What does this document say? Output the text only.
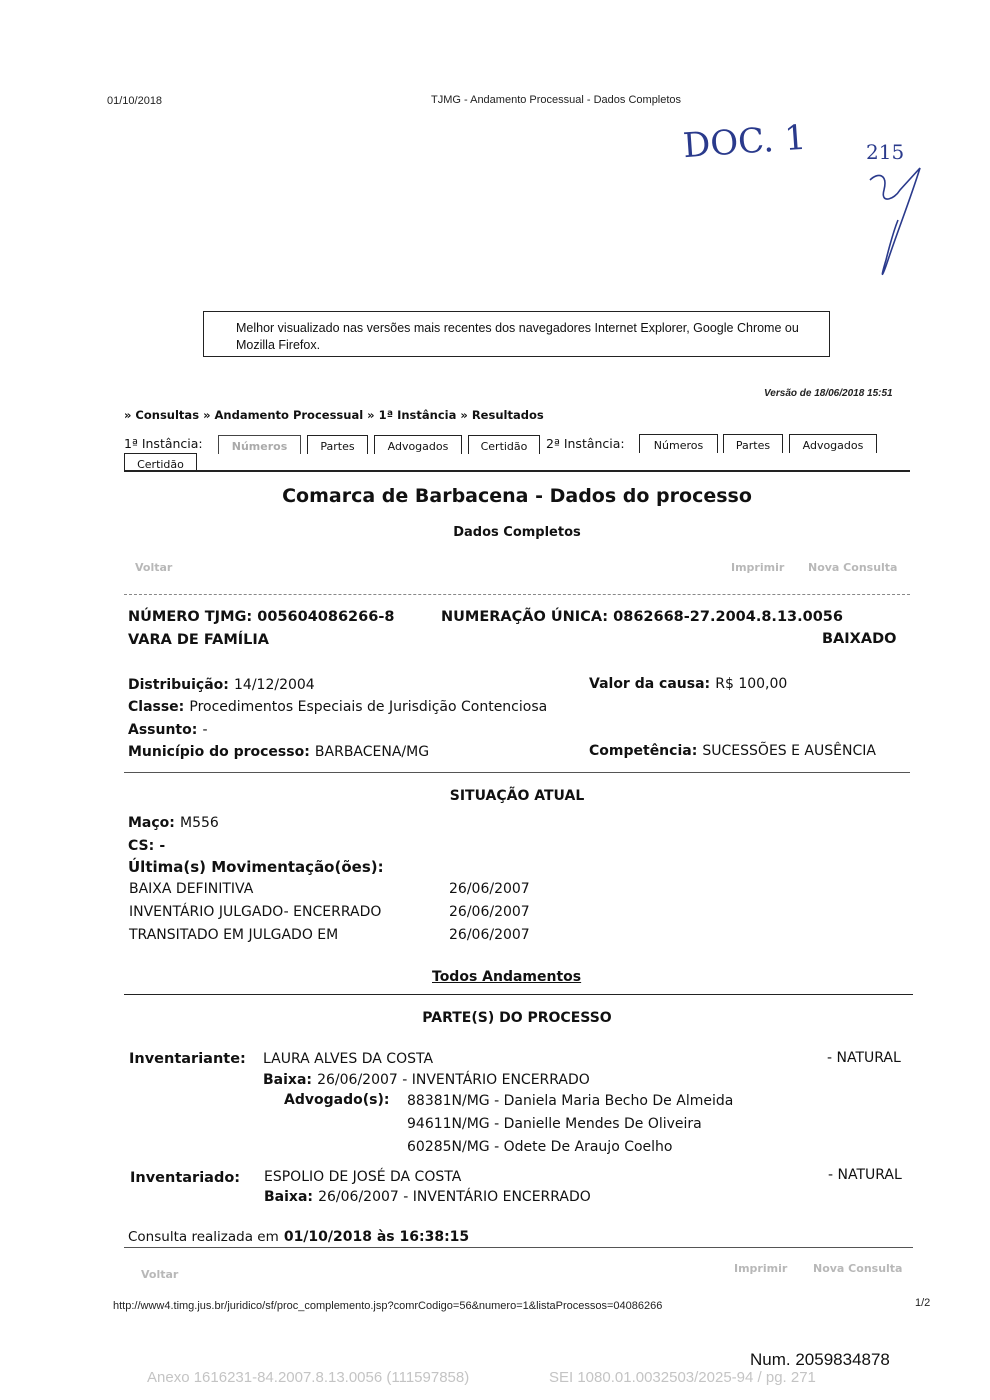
01/10/2018	TJMG - Andamento Processual - Dados Completos
DOC. 1	215
Melhor visualizado nas versões mais recentes dos navegadores Internet Explorer, Google Chrome ou Mozilla Firefox.
Versão de 18/06/2018 15:51
» Consultas » Andamento Processual » 1ª Instância » Resultados
1ª Instância:	Números	Partes	Advogados	Certidão	2ª Instância:	Números	Partes	Advogados
Certidão
Comarca de Barbacena - Dados do processo
Dados Completos
Voltar	Imprimir Nova Consulta
NÚMERO TJMG: 005604086266-8	NUMERAÇÃO ÚNICA: 0862668-27.2004.8.13.0056
VARA DE FAMÍLIA	BAIXADO
Distribuição: 14/12/2004	Valor da causa: R$ 100,00
Classe: Procedimentos Especiais de Jurisdição Contenciosa
Assunto: -
Município do processo: BARBACENA/MG	Competência: SUCESSÕES E AUSÊNCIA
SITUAÇÃO ATUAL
Maço: M556
CS: -
Última(s) Movimentação(ões):
BAIXA DEFINITIVA	26/06/2007
INVENTÁRIO JULGADO- ENCERRADO	26/06/2007
TRANSITADO EM JULGADO EM	26/06/2007
Todos Andamentos
PARTE(S) DO PROCESSO
Inventariante: LAURA ALVES DA COSTA	- NATURAL
Baixa: 26/06/2007 - INVENTÁRIO ENCERRADO
Advogado(s): 88381N/MG - Daniela Maria Becho De Almeida
94611N/MG - Danielle Mendes De Oliveira
60285N/MG - Odete De Araujo Coelho
Inventariado: ESPOLIO DE JOSÉ DA COSTA	- NATURAL
Baixa: 26/06/2007 - INVENTÁRIO ENCERRADO
Consulta realizada em 01/10/2018 às 16:38:15
Voltar	Imprimir Nova Consulta
http://www4.timg.jus.br/juridico/sf/proc_complemento.jsp?comrCodigo=56&numero=1&listaProcessos=04086266	1/2
Num. 2059834878
Anexo 1616231-84.2007.8.13.0056 (111597858)	SEI 1080.01.0032503/2025-94 / pg. 271
